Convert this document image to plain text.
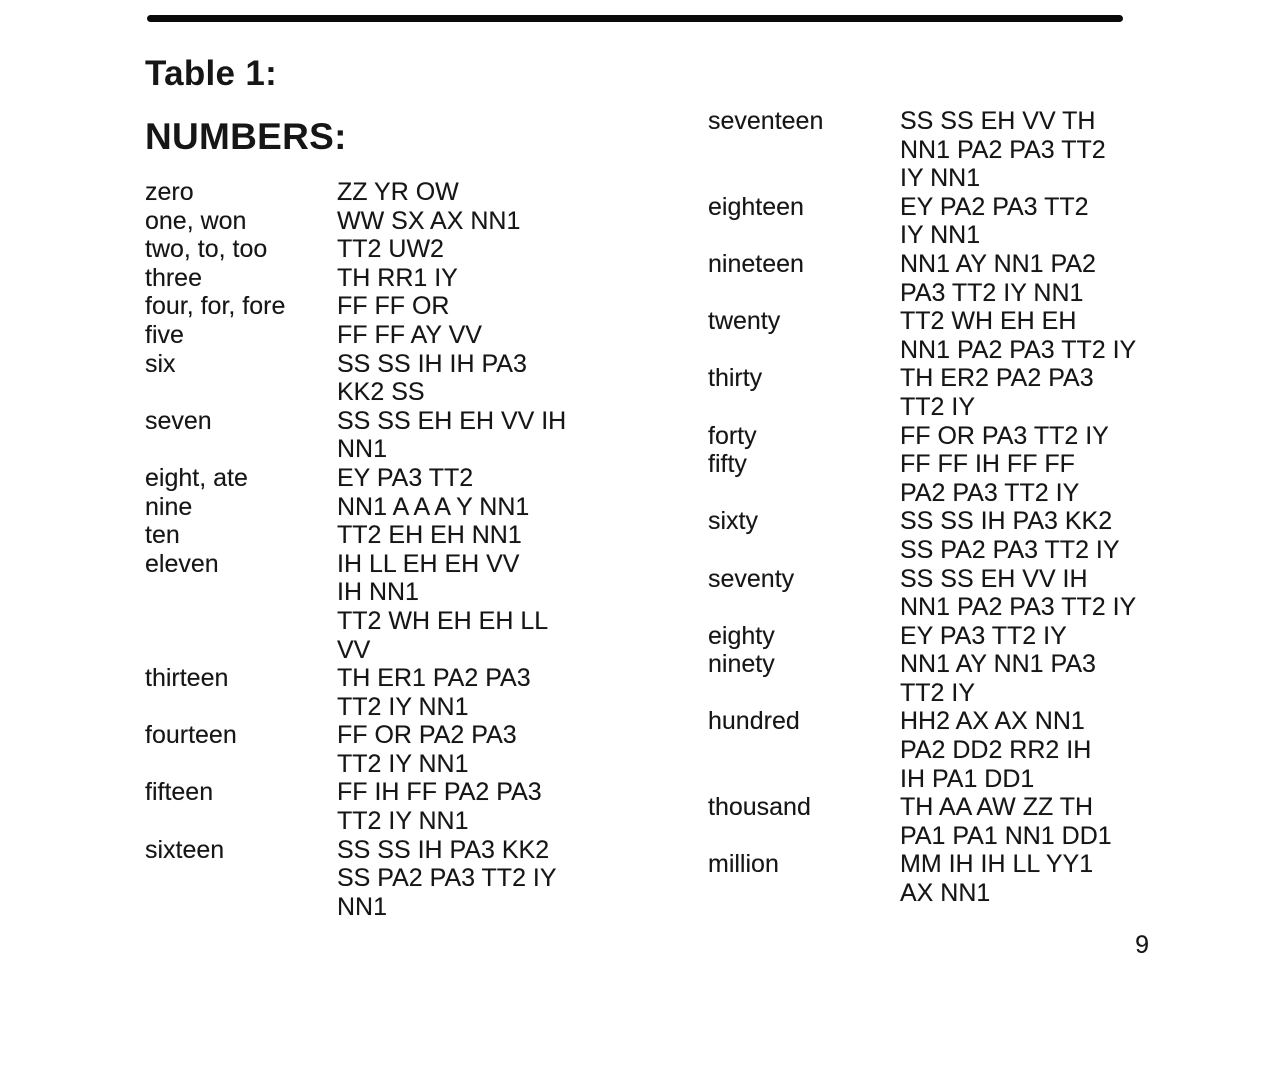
Table 1:
NUMBERS:
zero	ZZ YR OW
one, won	WW SX AX NN1
two, to, too	TT2 UW2
three	TH RR1 IY
four, for, fore	FF FF OR
five	FF FF AY VV
six	SS SS IH IH PA3
KK2 SS
seven	SS SS EH EH VV IH
NN1
eight, ate	EY PA3 TT2
nine	NN1 A A A Y NN1
ten	TT2 EH EH NN1
eleven	IH LL EH EH VV
IH NN1
TT2 WH EH EH LL
VV
thirteen	TH ER1 PA2 PA3
TT2 IY NN1
fourteen	FF OR PA2 PA3
TT2 IY NN1
fifteen	FF IH FF PA2 PA3
TT2 IY NN1
sixteen	SS SS IH PA3 KK2
SS PA2 PA3 TT2 IY
NN1
seventeen	SS SS EH VV TH
NN1 PA2 PA3 TT2
IY NN1
eighteen	EY PA2 PA3 TT2
IY NN1
nineteen	NN1 AY NN1 PA2
PA3 TT2 IY NN1
twenty	TT2 WH EH EH
NN1 PA2 PA3 TT2 IY
thirty	TH ER2 PA2 PA3
TT2 IY
forty	FF OR PA3 TT2 IY
fifty	FF FF IH FF FF
PA2 PA3 TT2 IY
sixty	SS SS IH PA3 KK2
SS PA2 PA3 TT2 IY
seventy	SS SS EH VV IH
NN1 PA2 PA3 TT2 IY
eighty	EY PA3 TT2 IY
ninety	NN1 AY NN1 PA3
TT2 IY
hundred	HH2 AX AX NN1
PA2 DD2 RR2 IH
IH PA1 DD1
thousand	TH AA AW ZZ TH
PA1 PA1 NN1 DD1
million	MM IH IH LL YY1
AX NN1
9
